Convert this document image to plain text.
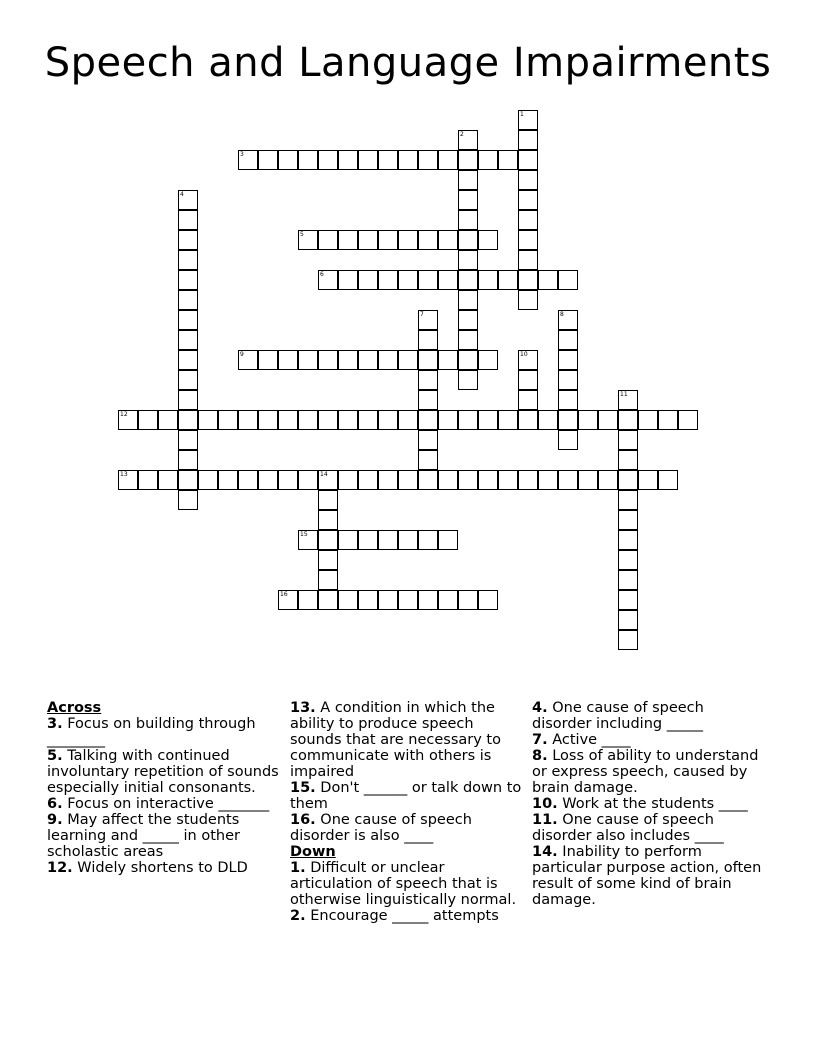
Speech and Language Impairments
1
2
3
4
5
6
7	8
9	10
11
12
13	14
15
16
Across
3. Focus on building through ________
5. Talking with continued involuntary repetition of sounds especially initial consonants.
6. Focus on interactive _______
9. May affect the students learning and _____ in other scholastic areas
12. Widely shortens to DLD
13. A condition in which the ability to produce speech sounds that are necessary to communicate with others is impaired
15. Don't ______ or talk down to them
16. One cause of speech disorder is also ____
Down
1. Difficult or unclear articulation of speech that is otherwise linguistically normal.
2. Encourage _____ attempts
4. One cause of speech disorder including _____
7. Active ____
8. Loss of ability to understand or express speech, caused by brain damage.
10. Work at the students ____
11. One cause of speech disorder also includes ____
14. Inability to perform particular purpose action, often result of some kind of brain damage.
